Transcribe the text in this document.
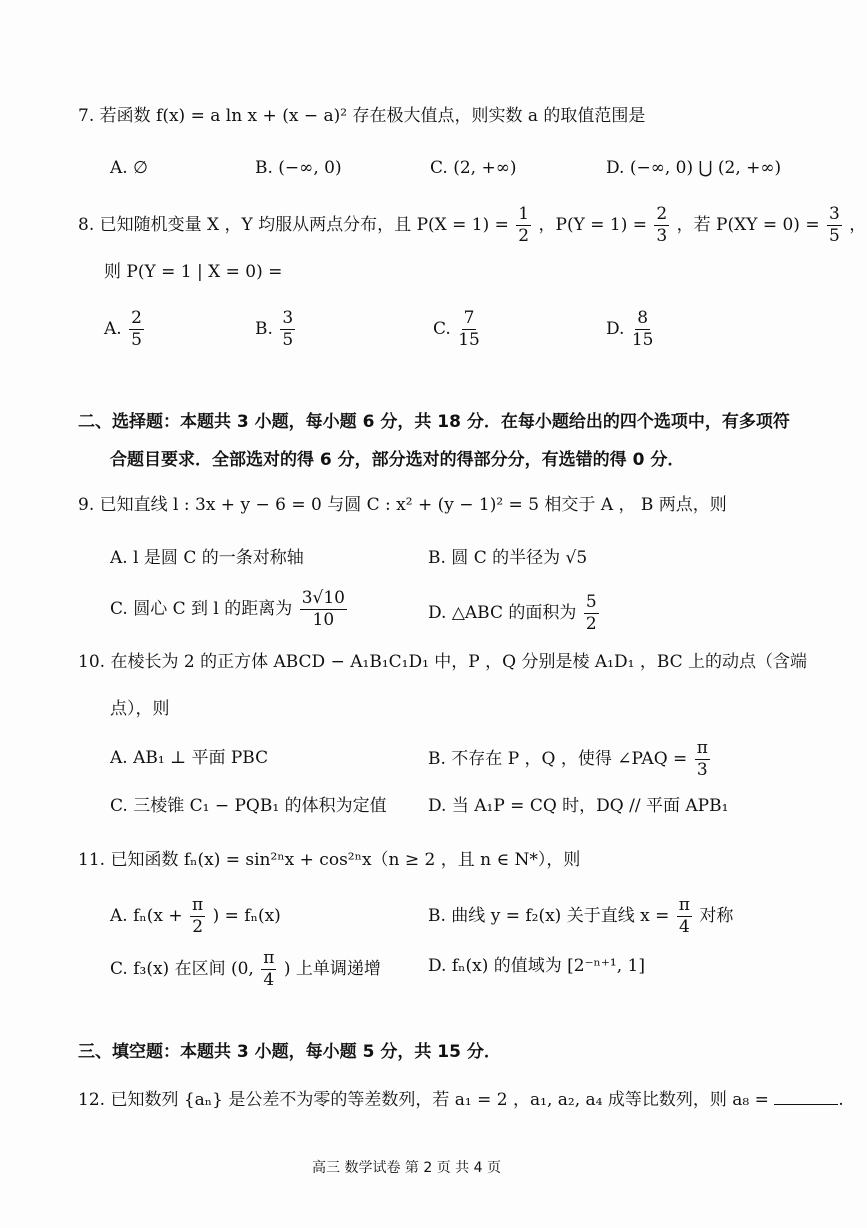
7. 若函数 f(x) = a ln x + (x − a)² 存在极大值点，则实数 a 的取值范围是
A. ∅	B. (−∞, 0)	C. (2, +∞)	D. (−∞, 0) ⋃ (2, +∞)
8. 已知随机变量 X ，Y 均服从两点分布，且 $P(X = 1) = \frac{1}{2}$ ，$P(Y = 1) = \frac{2}{3}$ ，若 $P(XY = 0) = \frac{3}{5}$ ，
则 P(Y = 1 | X = 0) =
A. $\frac{2}{5}$	B. $\frac{3}{5}$	C. $\frac{7}{15}$	D. $\frac{8}{15}$
二、选择题：本题共 3 小题，每小题 6 分，共 18 分．在每小题给出的四个选项中，有多项符
合题目要求．全部选对的得 6 分，部分选对的得部分分，有选错的得 0 分．
9. 已知直线 l : 3x + y − 6 = 0 与圆 C : x² + (y − 1)² = 5 相交于 A ， B 两点，则
A. l 是圆 C 的一条对称轴	B. 圆 C 的半径为 √5
C. 圆心 C 到 l 的距离为 $\frac{3√10}{10}$	D. △ABC 的面积为 $\frac{5}{2}$
10. 在棱长为 2 的正方体 ABCD − A₁B₁C₁D₁ 中，P ，Q 分别是棱 A₁D₁ ，BC 上的动点（含端
点），则
A. AB₁ ⊥ 平面 PBC	B. 不存在 P ，Q ，使得 ∠PAQ = $\frac{\pi}{3}$
C. 三棱锥 C₁ − PQB₁ 的体积为定值 D. 当 A₁P = CQ 时，DQ // 平面 APB₁
11. 已知函数 fₙ(x) = sin²ⁿx + cos²ⁿx（n ≥ 2 ，且 n ∈ N*），则
A. $f_n(x + \frac{\pi}{2}$ ) = fₙ(x)	B. 曲线 y = f₂(x) 关于直线 $x = \frac{\pi}{4}$ 对称
C. f₃(x) 在区间 (0, $\frac{\pi}{4}$ ) 上单调递增	D. fₙ(x) 的值域为 [2⁻ⁿ⁺¹, 1]
三、填空题：本题共 3 小题，每小题 5 分，共 15 分．
12. 已知数列 {aₙ} 是公差不为零的等差数列，若 a₁ = 2 ，a₁, a₂, a₄ 成等比数列，则 a₈ =	.
高三 数学试卷 第 2 页 共 4 页
